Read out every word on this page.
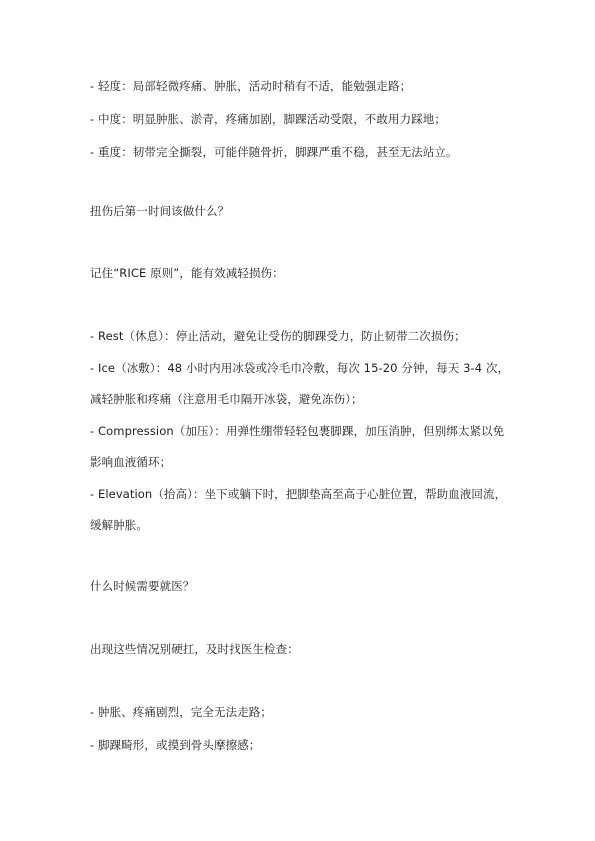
- 轻度：局部轻微疼痛、肿胀，活动时稍有不适，能勉强走路；
- 中度：明显肿胀、淤青，疼痛加剧，脚踝活动受限，不敢用力踩地；
- 重度：韧带完全撕裂，可能伴随骨折，脚踝严重不稳，甚至无法站立。
扭伤后第一时间该做什么？
记住“RICE 原则”，能有效减轻损伤：
- Rest（休息）：停止活动，避免让受伤的脚踝受力，防止韧带二次损伤；
- Ice（冰敷）：48 小时内用冰袋或冷毛巾冷敷，每次 15-20 分钟，每天 3-4 次，
减轻肿胀和疼痛（注意用毛巾隔开冰袋，避免冻伤）；
- Compression（加压）：用弹性绷带轻轻包裹脚踝，加压消肿，但别绑太紧以免
影响血液循环；
- Elevation（抬高）：坐下或躺下时，把脚垫高至高于心脏位置，帮助血液回流，
缓解肿胀。
什么时候需要就医？
出现这些情况别硬扛，及时找医生检查：
- 肿胀、疼痛剧烈，完全无法走路；
- 脚踝畸形，或摸到骨头摩擦感；
